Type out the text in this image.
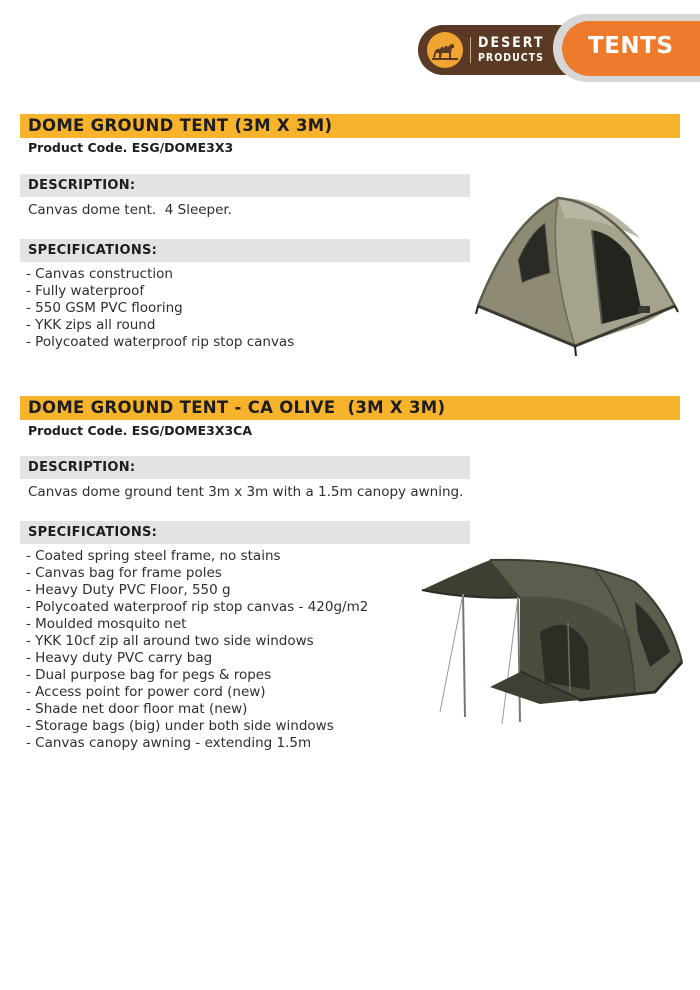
DESERT
PRODUCTS TENTS
DOME GROUND TENT (3M X 3M)
Product Code. ESG/DOME3X3
DESCRIPTION:
Canvas dome tent.  4 Sleeper.
SPECIFICATIONS:
- Canvas construction
- Fully waterproof
- 550 GSM PVC flooring
- YKK zips all round
- Polycoated waterproof rip stop canvas
DOME GROUND TENT - CA OLIVE  (3M X 3M)
Product Code. ESG/DOME3X3CA
DESCRIPTION:
Canvas dome ground tent 3m x 3m with a 1.5m canopy awning.
SPECIFICATIONS:
- Coated spring steel frame, no stains
- Canvas bag for frame poles
- Heavy Duty PVC Floor, 550 g
- Polycoated waterproof rip stop canvas - 420g/m2
- Moulded mosquito net
- YKK 10cf zip all around two side windows
- Heavy duty PVC carry bag
- Dual purpose bag for pegs & ropes
- Access point for power cord (new)
- Shade net door floor mat (new)
- Storage bags (big) under both side windows
- Canvas canopy awning - extending 1.5m
